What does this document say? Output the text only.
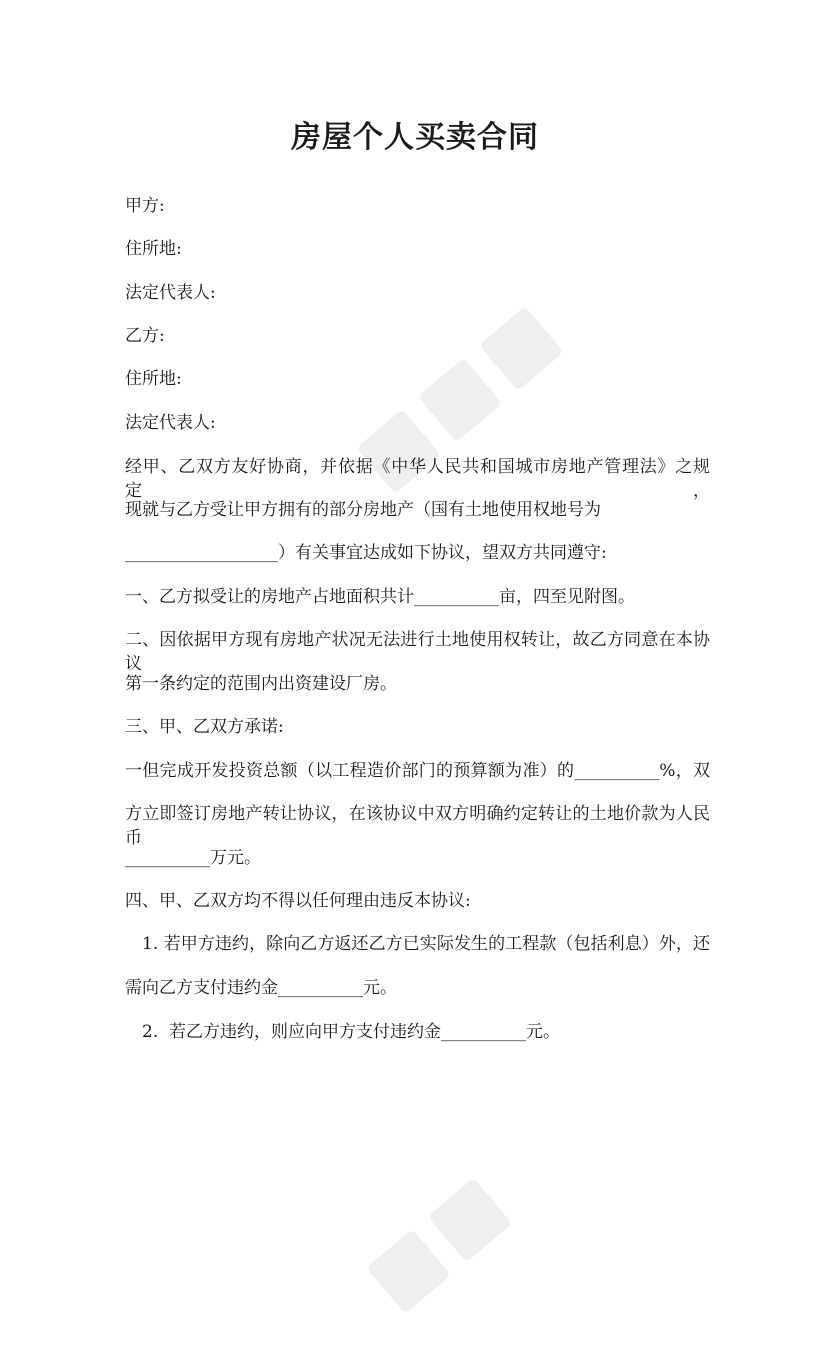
房屋个人买卖合同
甲方:
住所地:
法定代表人:
乙方:
住所地:
法定代表人:
经甲、乙双方友好协商，并依据《中华人民共和国城市房地产管理法》之规定，
现就与乙方受让甲方拥有的部分房地产（国有土地使用权地号为
__________________）有关事宜达成如下协议，望双方共同遵守:
一、乙方拟受让的房地产占地面积共计__________亩，四至见附图。
二、因依据甲方现有房地产状况无法进行土地使用权转让，故乙方同意在本协议
第一条约定的范围内出资建设厂房。
三、甲、乙双方承诺:
一但完成开发投资总额（以工程造价部门的预算额为准）的__________%，双
方立即签订房地产转让协议，在该协议中双方明确约定转让的土地价款为人民币
__________万元。
四、甲、乙双方均不得以任何理由违反本协议:
1. 若甲方违约，除向乙方返还乙方已实际发生的工程款（包括利息）外，还
需向乙方支付违约金__________元。
2.  若乙方违约，则应向甲方支付违约金__________元。
